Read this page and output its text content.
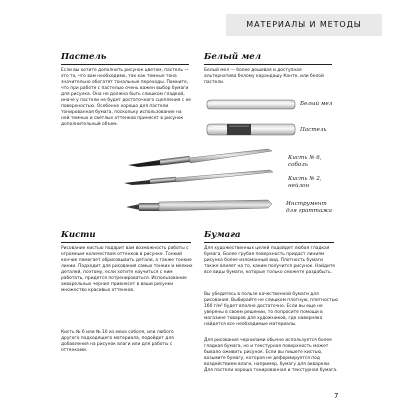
МАТЕРИАЛЫ И МЕТОДЫ
Пастель

Если вы хотите дополнить рисунок цветом, пастель — это то, что вам необходимо, так как темные тона значительно обогатят тональные переходы. Помните, что при работе с пастелью очень важен выбор бумаги для рисунка. Она не должна быть слишком гладкой, иначе у пастели не будет достаточного сцепления с ее поверхностью. Особенно хорошо для пастели тонированная бумага, поскольку использование на ней темных и светлых оттенков принесет в рисунок дополнительный объем.

Белый мел

Белый мел — более дешевая и доступная альтернатива белому карандашу Конте, или белой пастели.

Белый мел
Пастель
Кисть № 6, соболь
Кисть № 2, нейлон
Инструмент для граттажа
Кисти

Рисование кистью подарит вам возможность работы с огромным количеством оттенков в рисунке. Тонкий кончик помогает обрисовывать детали, а также тонкие линии. Подходит для рисования самых тонких и мелких деталей, поэтому, если хотите научиться с ним работать, придется потренироваться. Использование акварельных чернил привнесет в ваши рисунки множество красивых оттенков.

Кисть № 6 или № 10 из меха соболя, или любого другого подходящего материала, подойдет для добавления на рисунок влаги или для работы с оттенками.

Бумага

Для художественных целей подойдет любая гладкая бумага. Более грубая поверхность придаст линиям рисунка более изломанный вид. Плотность бумаги также влияет на то, каким получится рисунок. Найдите все виды бумаги, которые только сможете раздобыть.

Вы убедитесь в пользе качественной бумаги для рисования. Выбирайте не слишком плотную, плотностью 160 г/м² будет вполне достаточно. Если вы еще не уверены в своем решении, то попросите помощи в магазине товаров для художников, где наверняка найдется все необходимые материалы.

Для рисования чернилами обычно используется более гладкая бумага, но и текстурная поверхность может бывало оживить рисунок. Если вы пишете кистью, возьмите бумагу, которая не деформируется под воздействием влаги, например, бумагу для акварели. Для пастели хороша тонированная и текстурная бумага.

7
